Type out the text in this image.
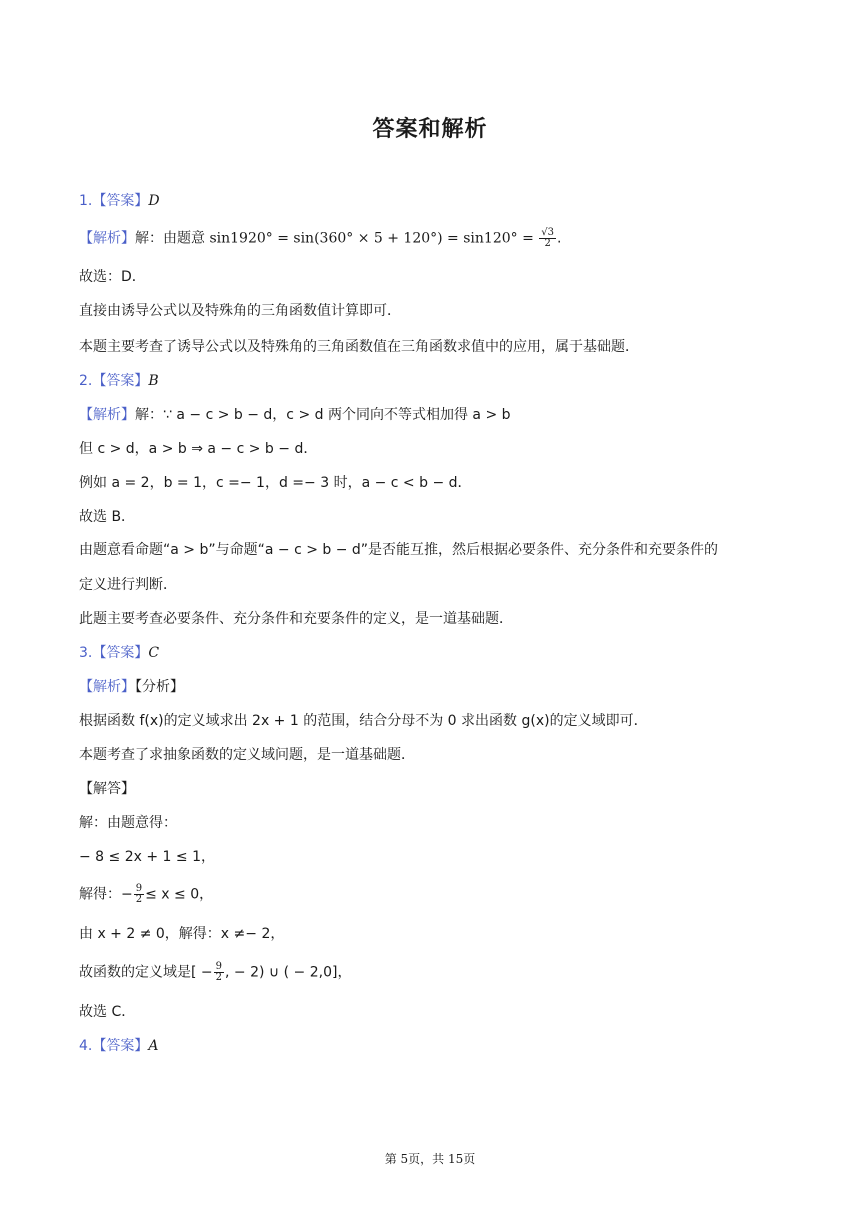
答案和解析
1.【答案】D
【解析】解：由题意 $\sin 1920^\circ = \sin(360^\circ \times 5 + 120^\circ) = \sin 120^\circ = \frac{√3}{2}$ .
故选：D．
直接由诱导公式以及特殊角的三角函数值计算即可．
本题主要考查了诱导公式以及特殊角的三角函数值在三角函数求值中的应用，属于基础题．
2.【答案】B
【解析】解：∵ a − c > b − d，c > d 两个同向不等式相加得 a > b
但 c > d，a > b ⇒ a − c > b − d．
例如 a = 2，b = 1，c =− 1，d =− 3 时，a − c < b − d．
故选 B．
由题意看命题“a > b”与命题“a − c > b − d”是否能互推，然后根据必要条件、充分条件和充要条件的
定义进行判断．
此题主要考查必要条件、充分条件和充要条件的定义，是一道基础题．
3.【答案】C
【解析】【分析】
根据函数 f(x)的定义域求出 2x + 1 的范围，结合分母不为 0 求出函数 g(x)的定义域即可．
本题考查了求抽象函数的定义域问题，是一道基础题．
【解答】
解：由题意得：
− 8 ≤ 2x + 1 ≤ 1，
解得：− $\frac{9}{2} \le x \le 0$，
由 x + 2 ≠ 0，解得：x ≠− 2，
故函数的定义域是[ − $\frac{9}{2}$ , − 2) ∪ ( − 2,0]，
故选 C．
4.【答案】A
第 5页，共 15页
